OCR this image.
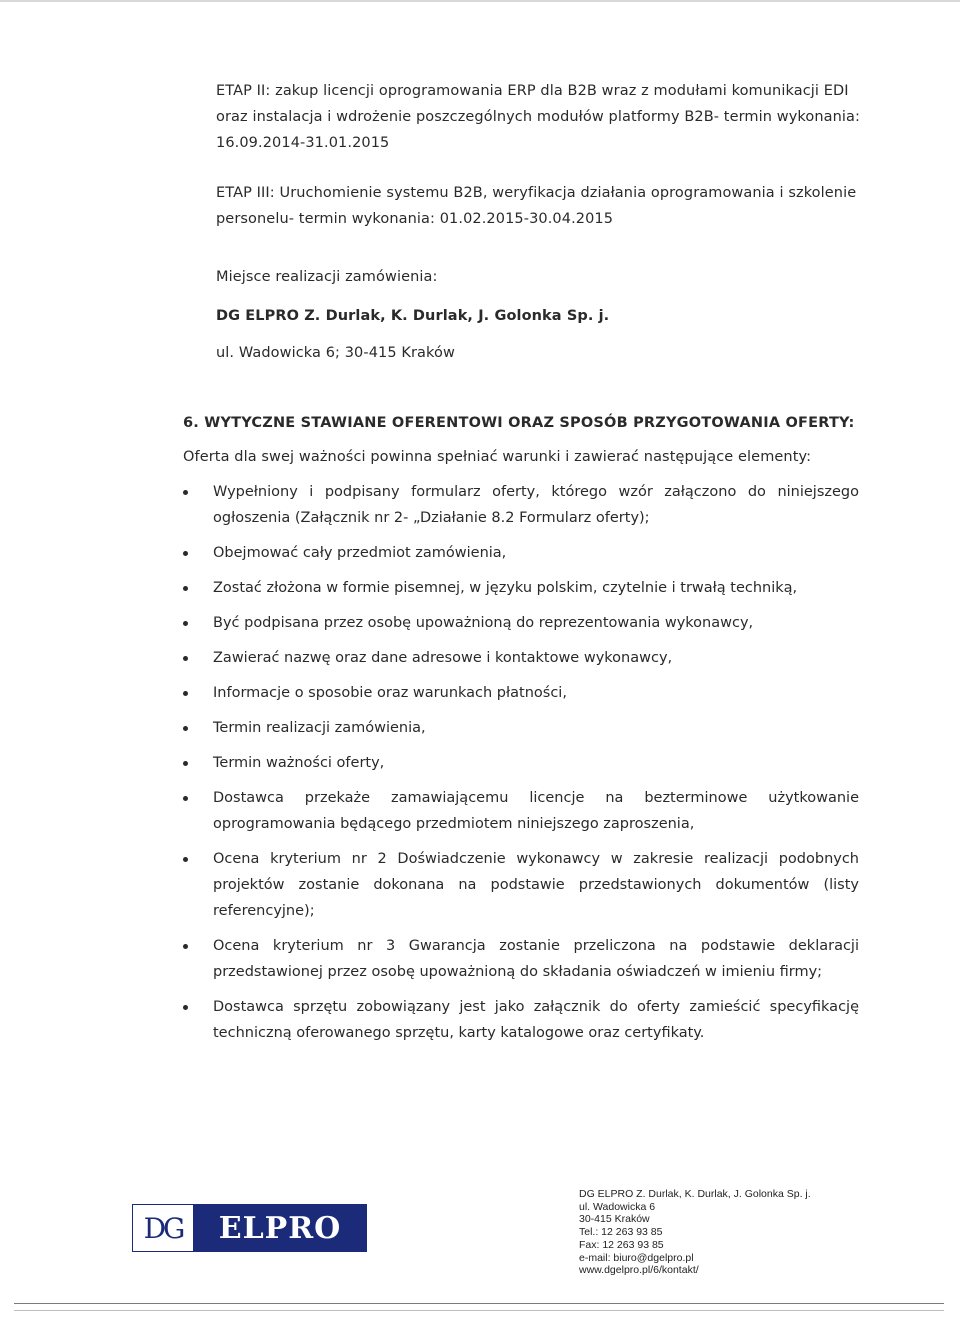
ETAP II: zakup licencji oprogramowania ERP dla B2B wraz z modułami komunikacji EDI

oraz instalacja i wdrożenie poszczególnych modułów platformy B2B- termin wykonania:

16.09.2014-31.01.2015

ETAP III: Uruchomienie systemu B2B, weryfikacja działania oprogramowania i szkolenie

personelu- termin wykonania: 01.02.2015-30.04.2015

Miejsce realizacji zamówienia:

DG ELPRO Z. Durlak, K. Durlak, J. Golonka Sp. j.

ul. Wadowicka 6; 30-415 Kraków

6. WYTYCZNE STAWIANE OFERENTOWI ORAZ SPOSÓB PRZYGOTOWANIA OFERTY:

Oferta dla swej ważności powinna spełniać warunki i zawierać następujące elementy:

Wypełniony i podpisany formularz oferty, którego wzór załączono do niniejszego ogłoszenia (Załącznik nr 2- „Działanie 8.2 Formularz oferty);
Obejmować cały przedmiot zamówienia,
Zostać złożona w formie pisemnej, w języku polskim, czytelnie i trwałą techniką,
Być podpisana przez osobę upoważnioną do reprezentowania wykonawcy,
Zawierać nazwę oraz dane adresowe i kontaktowe wykonawcy,
Informacje o sposobie oraz warunkach płatności,
Termin realizacji zamówienia,
Termin ważności oferty,
Dostawca przekaże zamawiającemu licencje na bezterminowe użytkowanie oprogramowania będącego przedmiotem niniejszego zaproszenia,
Ocena kryterium nr 2 Doświadczenie wykonawcy w zakresie realizacji podobnych projektów zostanie dokonana na podstawie przedstawionych dokumentów (listy referencyjne);
Ocena kryterium nr 3 Gwarancja zostanie przeliczona na podstawie deklaracji przedstawionej przez osobę upoważnioną do składania oświadczeń w imieniu firmy;
Dostawca sprzętu zobowiązany jest jako załącznik do oferty zamieścić specyfikację techniczną oferowanego sprzętu, karty katalogowe oraz certyfikaty.
DG	ELPRO
DG ELPRO Z. Durlak, K. Durlak, J. Golonka Sp. j.
ul. Wadowicka 6
30-415 Kraków
Tel.: 12 263 93 85
Fax: 12 263 93 85
e-mail: biuro@dgelpro.pl
www.dgelpro.pl/6/kontakt/
